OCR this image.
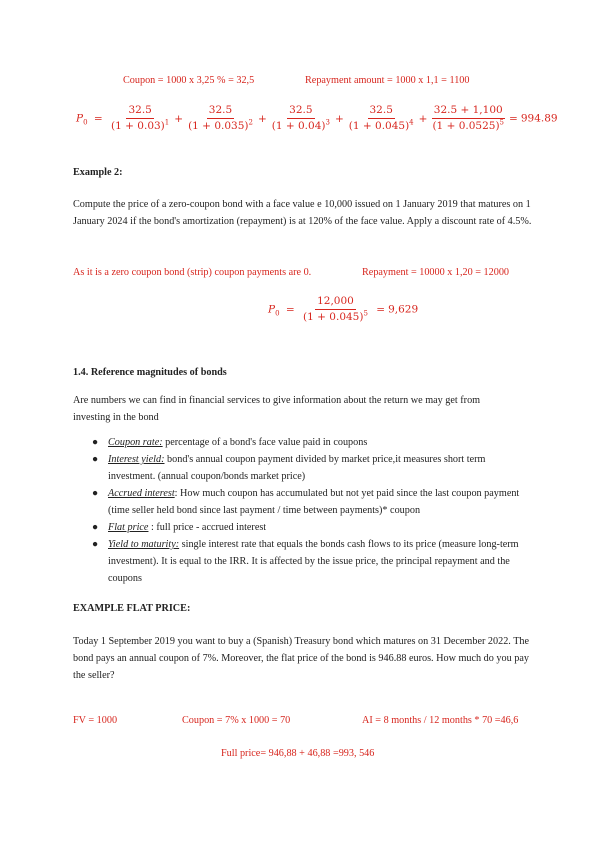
Coupon = 1000 x 3,25 % = 32,5	Repayment amount = 1000 x 1,1 = 1100
$P_0 = \frac{32.5}{(1 + 0.03)^1} + \frac{32.5}{(1 + 0.035)^2} + \frac{32.5}{(1 + 0.04)^3} + \frac{32.5}{(1 + 0.045)^4} + \frac{32.5 + 1,100}{(1 + 0.0525)^5} = 994.89$
Example 2:
Compute the price of a zero-coupon bond with a face value e 10,000 issued on 1 January 2019 that matures on 1 January 2024 if the bond's amortization (repayment) is at 120% of the face value. Apply a discount rate of 4.5%.
As it is a zero coupon bond (strip) coupon payments are 0.	Repayment = 10000 x 1,20 = 12000
$P_0 = \frac{12,000}{(1 + 0.045)^5} = 9,629$
1.4. Reference magnitudes of bonds
Are numbers we can find in financial services to give information about the return we may get from investing in the bond
● Coupon rate: percentage of a bond's face value paid in coupons
● Interest yield: bond's annual coupon payment divided by market price,it measures short term investment. (annual coupon/bonds market price)
● Accrued interest: How much coupon has accumulated but not yet paid since the last coupon payment (time seller held bond since last payment / time between payments)* coupon
● Flat price : full price - accrued interest
● Yield to maturity: single interest rate that equals the bonds cash flows to its price (measure long-term investment). It is equal to the IRR. It is affected by the issue price, the principal repayment and the coupons
EXAMPLE FLAT PRICE:
Today 1 September 2019 you want to buy a (Spanish) Treasury bond which matures on 31 December 2022. The bond pays an annual coupon of 7%. Moreover, the flat price of the bond is 946.88 euros. How much do you pay the seller?
FV = 1000	Coupon = 7% x 1000 = 70	AI = 8 months / 12 months * 70 =46,6
Full price= 946,88 + 46,88 =993, 546
